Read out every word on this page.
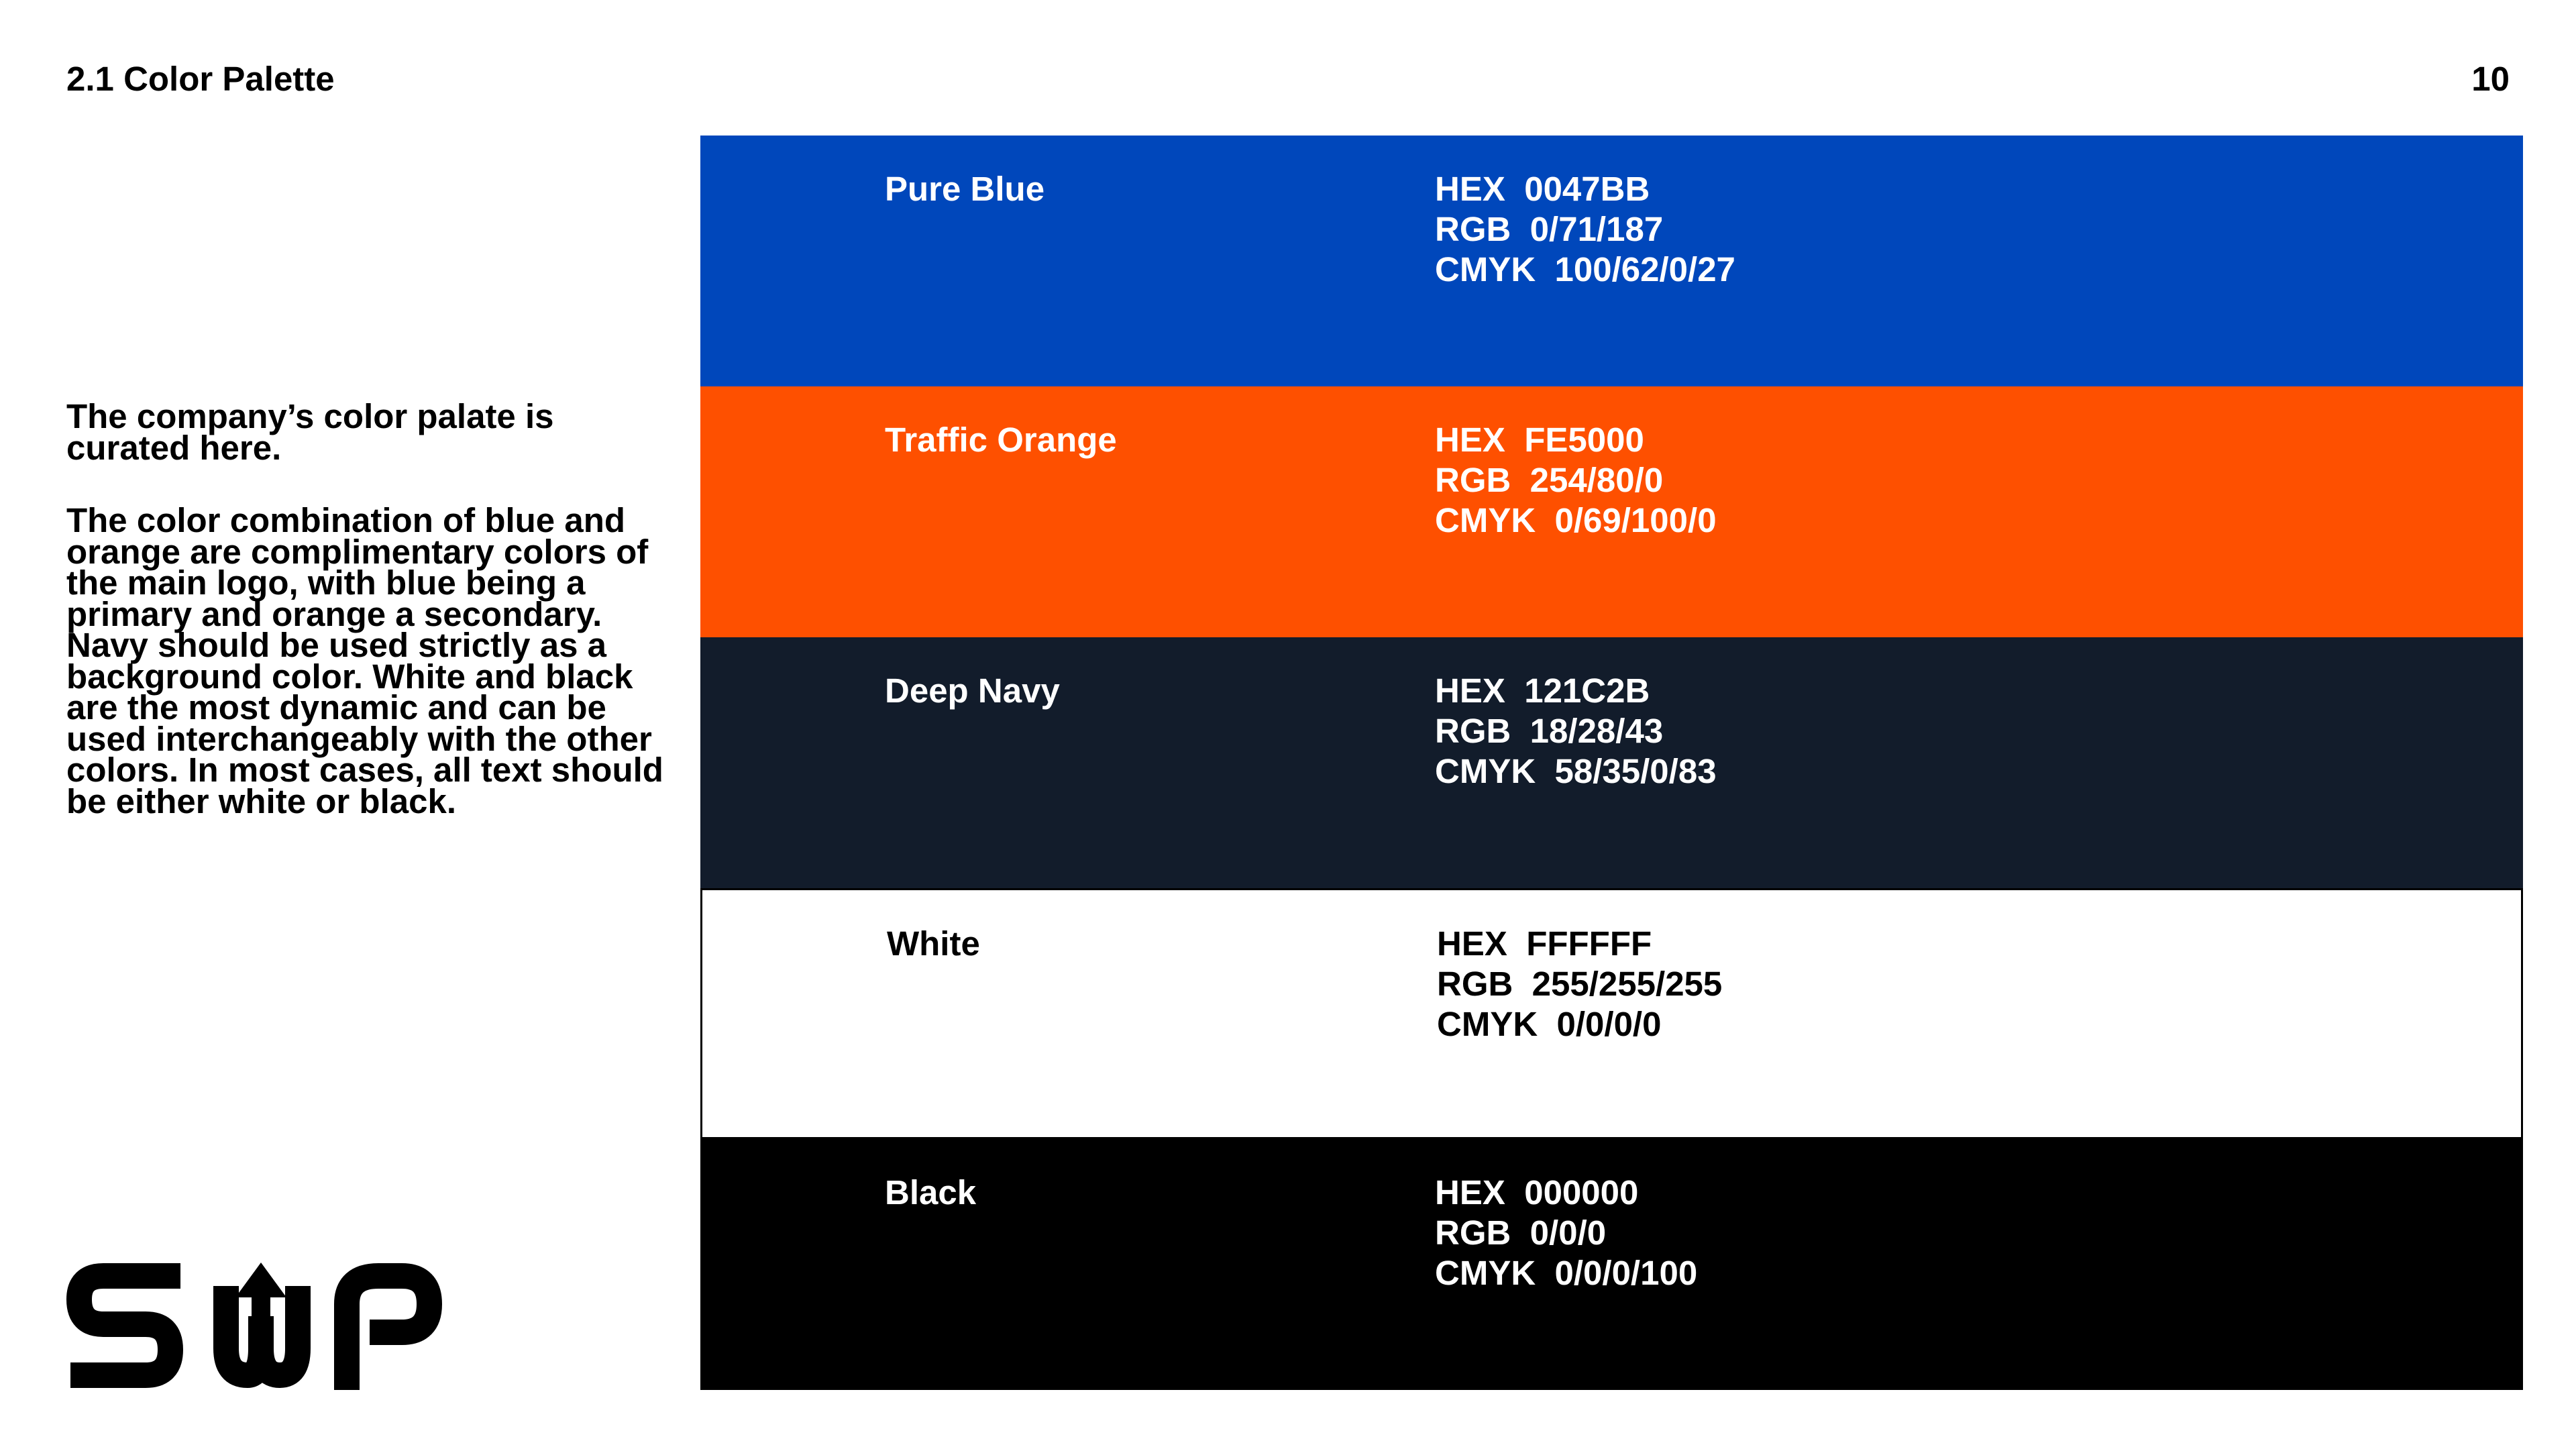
2.1 Color Palette	10

The company’s color palate is curated here.

The color combination of blue and orange are complimentary colors of the main logo, with blue being a primary and orange a secondary. Navy should be used strictly as a background color. White and black are the most dynamic and can be used interchangeably with the other colors. In most cases, all text should be either white or black.

Pure Blue	HEX  0047BB
RGB  0/71/187
CMYK  100/62/0/27
Traffic Orange	HEX  FE5000
RGB  254/80/0
CMYK  0/69/100/0
Deep Navy	HEX  121C2B
RGB  18/28/43
CMYK  58/35/0/83
White	HEX  FFFFFF
RGB  255/255/255
CMYK  0/0/0/0
Black	HEX  000000
RGB  0/0/0
CMYK  0/0/0/100
